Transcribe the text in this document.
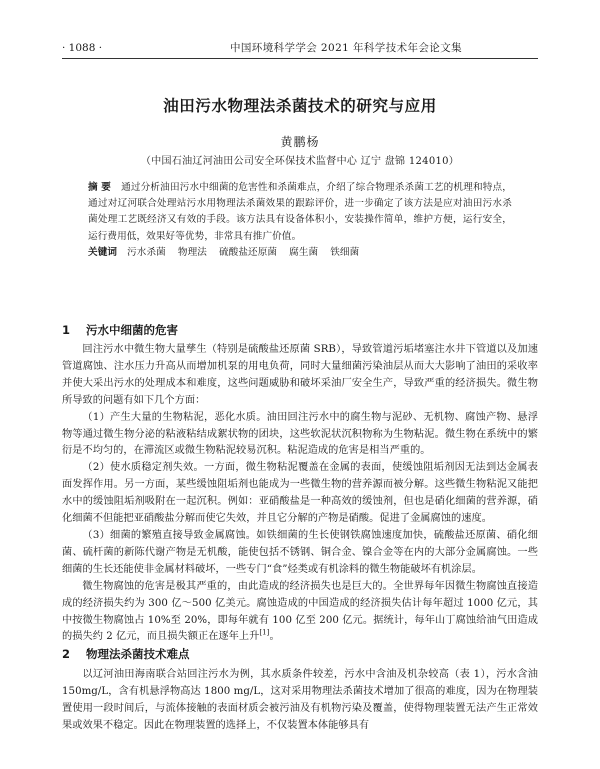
· 1088 ·	中国环境科学学会 2021 年科学技术年会论文集
油田污水物理法杀菌技术的研究与应用
黄鹏杨
（中国石油辽河油田公司安全环保技术监督中心 辽宁 盘锦 124010）
摘 要 通过分析油田污水中细菌的危害性和杀菌难点，介绍了综合物理杀杀菌工艺的机理和特点，通过对辽河联合处理站污水用物理法杀菌效果的跟踪评价，进一步确定了该方法是应对油田污水杀菌处理工艺既经济又有效的手段。该方法具有设备体积小，安装操作简单，维护方便，运行安全，运行费用低，效果好等优势，非常具有推广价值。
关键词 污水杀菌 物理法 硫酸盐还原菌 腐生菌 铁细菌
1 污水中细菌的危害

回注污水中微生物大量孳生（特别是硫酸盐还原菌 SRB），导致管道污垢堵塞注水井下管道以及加速管道腐蚀、注水压力升高从而增加机泵的用电负荷，同时大量细菌污染油层从而大大影响了油田的采收率并使大采出污水的处理成本和难度，这些问题威胁和破坏采油厂安全生产，导致严重的经济损失。微生物所导致的问题有如下几个方面：

（1）产生大量的生物粘泥，恶化水质。油田回注污水中的腐生物与泥砂、无机物、腐蚀产物、悬浮物等通过微生物分泌的粘液粘结成絮状物的团块，这些软泥状沉积物称为生物粘泥。微生物在系统中的繁衍是不均匀的，在滞流区或微生物粘泥较易沉积。粘泥造成的危害是相当严重的。

（2）使水质稳定剂失效。一方面，微生物粘泥覆盖在金属的表面，使缓蚀阻垢剂因无法到达金属表面发挥作用。另一方面，某些缓蚀阻垢剂也能成为一些微生物的营养源而被分解。这些微生物粘泥又能把水中的缓蚀阻垢剂吸附在一起沉积。例如：亚硝酸盐是一种高效的缓蚀剂，但也是硝化细菌的营养源，硝化细菌不但能把亚硝酸盐分解而使它失效，并且它分解的产物是硝酸。促进了金属腐蚀的速度。

（3）细菌的繁殖直接导致金属腐蚀。如铁细菌的生长使钢铁腐蚀速度加快，硫酸盐还原菌、硝化细菌、硫杆菌的新陈代谢产物是无机酸，能使包括不锈钢、铜合金、镍合金等在内的大部分金属腐蚀。一些细菌的生长还能使非金属材料破坏，一些专门“食”烃类或有机涂料的微生物能破坏有机涂层。

微生物腐蚀的危害是极其严重的，由此造成的经济损失也是巨大的。全世界每年因微生物腐蚀直接造成的经济损失约为 300 亿～500 亿美元。腐蚀造成的中国造成的经济损失估计每年超过 1000 亿元，其中按微生物腐蚀占 10%至 20%，即每年就有 100 亿至 200 亿元。据统计，每年山丁腐蚀给油气田造成的损失约 2 亿元，而且损失额正在逐年上升[1]。

2 物理法杀菌技术难点

以辽河油田海南联合站回注污水为例，其水质条件较差，污水中含油及机杂较高（表 1），污水含油 150mg/L，含有机悬浮物高达 1800 mg/L，这对采用物理法杀菌技术增加了很高的难度，因为在物理装置使用一段时间后，与流体接触的表面材质会被污油及有机物污染及覆盖，使得物理装置无法产生正常效果或效果不稳定。因此在物理装置的选择上，不仅装置本体能够具有
